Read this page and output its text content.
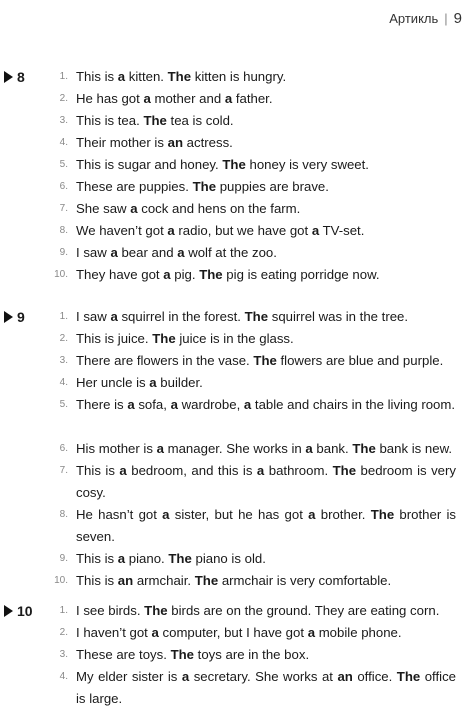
Артикль | 9
8	1. This is a kitten. The kitten is hungry.
2. He has got a mother and a father.
3. This is tea. The tea is cold.
4. Their mother is an actress.
5. This is sugar and honey. The honey is very sweet.
6. These are puppies. The puppies are brave.
7. She saw a cock and hens on the farm.
8. We haven’t got a radio, but we have got a TV-set.
9. I saw a bear and a wolf at the zoo.
10. They have got a pig. The pig is eating porridge now.
9	1. I saw a squirrel in the forest. The squirrel was in the tree.
2. This is juice. The juice is in the glass.
3. There are flowers in the vase. The flowers are blue and purple.
4. Her uncle is a builder.
5. There is a sofa, a wardrobe, a table and chairs in the living room.
6. His mother is a manager. She works in a bank. The bank is new.
7. This is a bedroom, and this is a bathroom. The bedroom is very cosy.
8. He hasn’t got a sister, but he has got a brother. The brother is seven.
9. This is a piano. The piano is old.
10. This is an armchair. The armchair is very comfortable.
10	1. I see birds. The birds are on the ground. They are eating corn.
2. I haven’t got a computer, but I have got a mobile phone.
3. These are toys. The toys are in the box.
4. My elder sister is a secretary. She works at an office. The office is large.
